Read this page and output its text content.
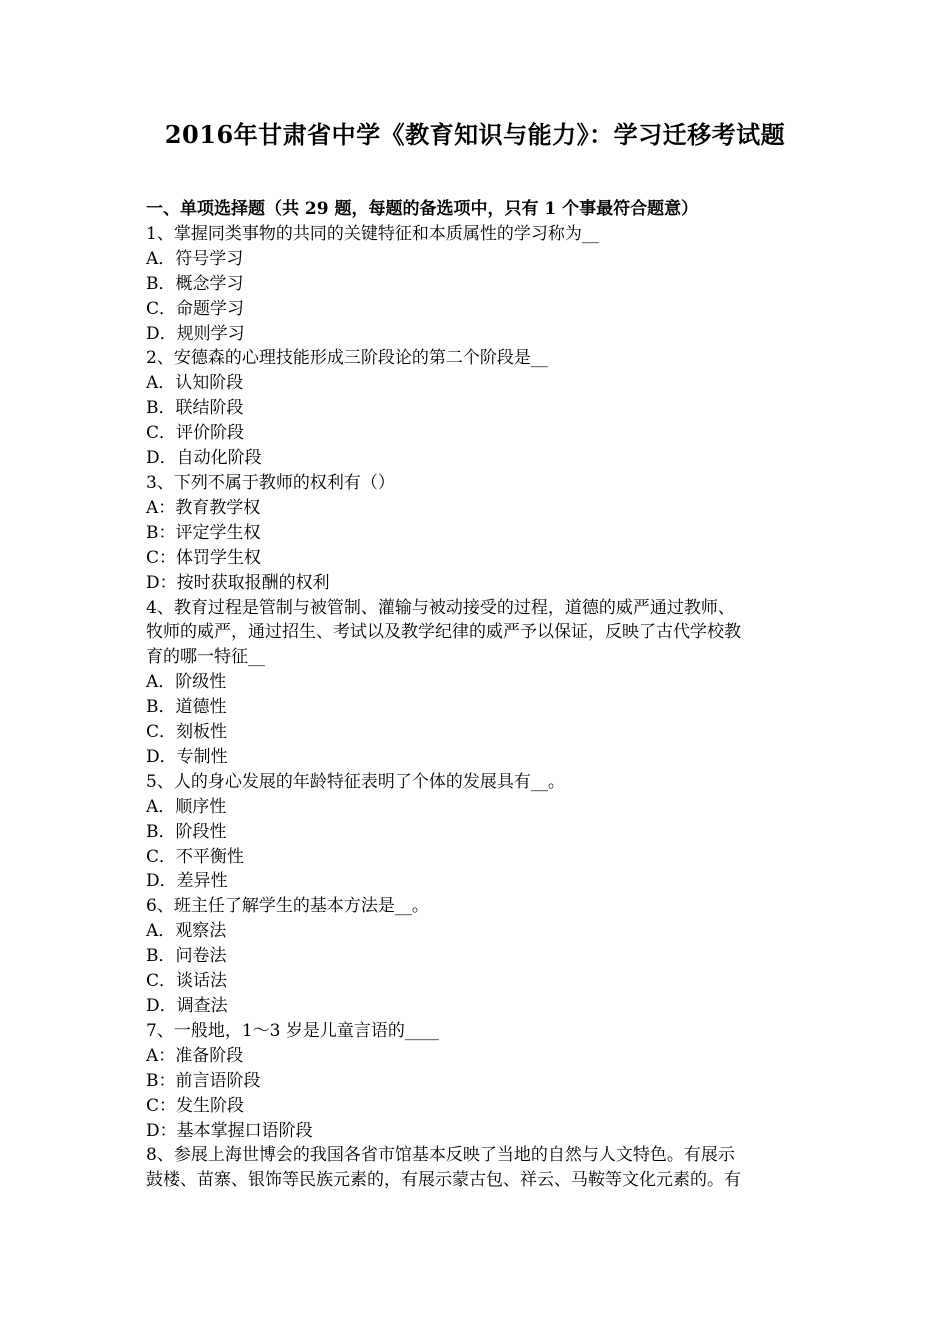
2016年甘肃省中学《教育知识与能力》：学习迁移考试题
一、单项选择题（共 29 题，每题的备选项中，只有 1 个事最符合题意）
1、掌握同类事物的共同的关键特征和本质属性的学习称为__
A．符号学习
B．概念学习
C．命题学习
D．规则学习
2、安德森的心理技能形成三阶段论的第二个阶段是__
A．认知阶段
B．联结阶段
C．评价阶段
D．自动化阶段
3、下列不属于教师的权利有（）
A：教育教学权
B：评定学生权
C：体罚学生权
D：按时获取报酬的权利
4、教育过程是管制与被管制、灌输与被动接受的过程，道德的威严通过教师、
牧师的威严，通过招生、考试以及教学纪律的威严予以保证，反映了古代学校教
育的哪一特征__
A．阶级性
B．道德性
C．刻板性
D．专制性
5、人的身心发展的年龄特征表明了个体的发展具有__。
A．顺序性
B．阶段性
C．不平衡性
D．差异性
6、班主任了解学生的基本方法是__。
A．观察法
B．问卷法
C．谈话法
D．调查法
7、一般地，1～3 岁是儿童言语的____
A：准备阶段
B：前言语阶段
C：发生阶段
D：基本掌握口语阶段
8、参展上海世博会的我国各省市馆基本反映了当地的自然与人文特色。有展示
鼓楼、苗寨、银饰等民族元素的，有展示蒙古包、祥云、马鞍等文化元素的。有
